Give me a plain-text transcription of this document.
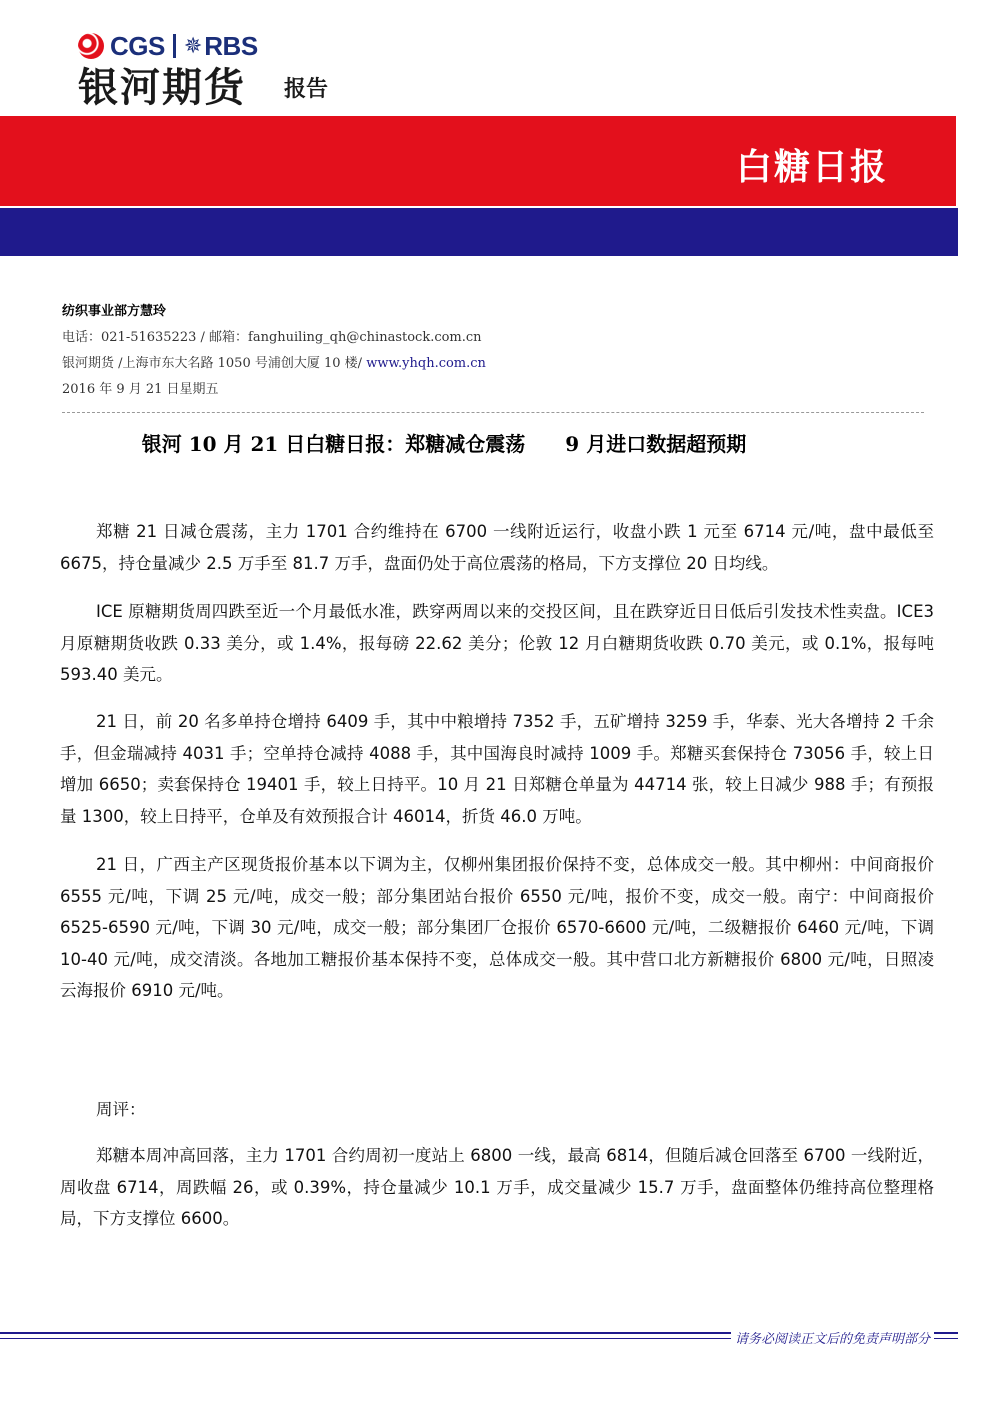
CGS ✵ RBS
银河期货 报告
白糖日报
纺织事业部方慧玲
电话：021-51635223 / 邮箱：fanghuiling_qh@chinastock.com.cn
银河期货 /上海市东大名路 1050 号浦创大厦 10 楼/ www.yhqh.com.cn
2016 年 9 月 21 日星期五
银河 10 月 21 日白糖日报：郑糖减仓震荡　　9 月进口数据超预期

郑糖 21 日减仓震荡，主力 1701 合约维持在 6700 一线附近运行，收盘小跌 1 元至 6714 元/吨，盘中最低至 6675，持仓量减少 2.5 万手至 81.7 万手，盘面仍处于高位震荡的格局，下方支撑位 20 日均线。

ICE 原糖期货周四跌至近一个月最低水准，跌穿两周以来的交投区间，且在跌穿近日日低后引发技术性卖盘。ICE3 月原糖期货收跌 0.33 美分，或 1.4%，报每磅 22.62 美分；伦敦 12 月白糖期货收跌 0.70 美元，或 0.1%，报每吨 593.40 美元。

21 日，前 20 名多单持仓增持 6409 手，其中中粮增持 7352 手，五矿增持 3259 手，华泰、光大各增持 2 千余手，但金瑞减持 4031 手；空单持仓减持 4088 手，其中国海良时减持 1009 手。郑糖买套保持仓 73056 手，较上日增加 6650；卖套保持仓 19401 手，较上日持平。10 月 21 日郑糖仓单量为 44714 张，较上日减少 988 手；有预报量 1300，较上日持平，仓单及有效预报合计 46014，折货 46.0 万吨。

21 日，广西主产区现货报价基本以下调为主，仅柳州集团报价保持不变，总体成交一般。其中柳州：中间商报价 6555 元/吨，下调 25 元/吨，成交一般；部分集团站台报价 6550 元/吨，报价不变，成交一般。南宁：中间商报价 6525-6590 元/吨，下调 30 元/吨，成交一般；部分集团厂仓报价 6570-6600 元/吨，二级糖报价 6460 元/吨，下调 10-40 元/吨，成交清淡。各地加工糖报价基本保持不变，总体成交一般。其中营口北方新糖报价 6800 元/吨，日照凌云海报价 6910 元/吨。

周评：

郑糖本周冲高回落，主力 1701 合约周初一度站上 6800 一线，最高 6814，但随后减仓回落至 6700 一线附近，周收盘 6714，周跌幅 26，或 0.39%，持仓量减少 10.1 万手，成交量减少 15.7 万手，盘面整体仍维持高位整理格局，下方支撑位 6600。

请务必阅读正文后的免责声明部分
